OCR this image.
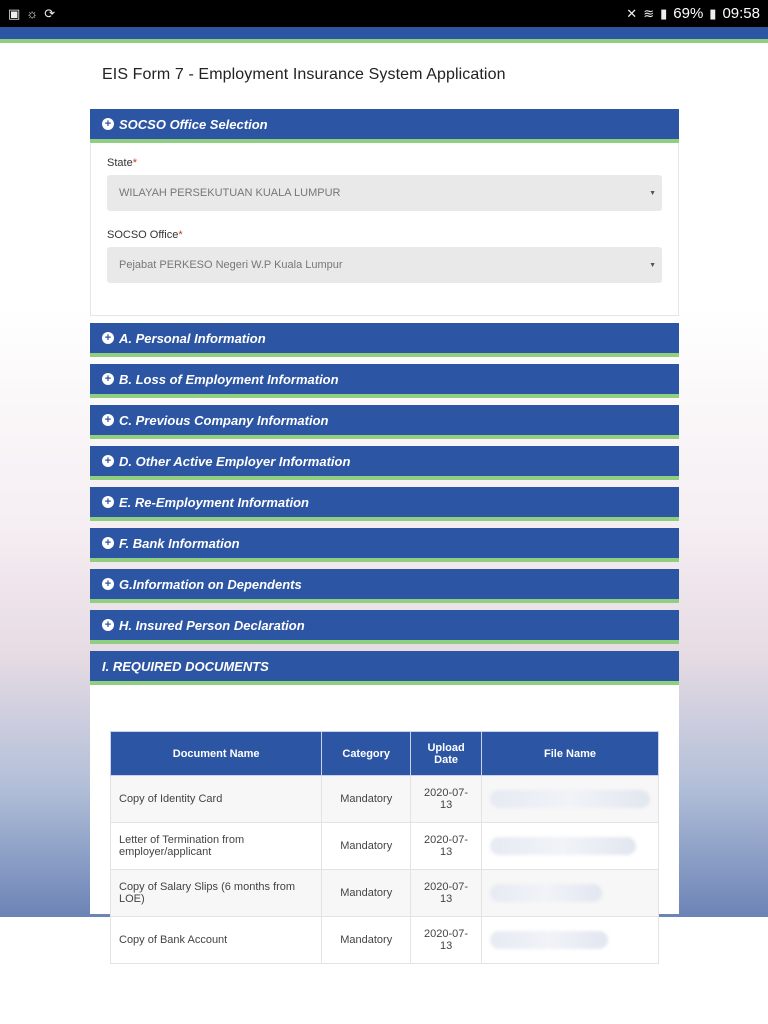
▣ ☼ ⟳	✕ ≋ ▮ 69% ▮ 09:58
EIS Form 7 - Employment Insurance System Application
+ SOCSO Office Selection
State*
WILAYAH PERSEKUTUAN KUALA LUMPUR	▼
SOCSO Office*
Pejabat PERKESO Negeri W.P Kuala Lumpur	▼
+ A. Personal Information
+ B. Loss of Employment Information
+ C. Previous Company Information
+ D. Other Active Employer Information
+ E. Re-Employment Information
+ F. Bank Information
+ G.Information on Dependents
+ H. Insured Person Declaration
I. REQUIRED DOCUMENTS
Document Name	Category	Upload Date	File Name
Copy of Identity Card	Mandatory	2020-07-13	

Letter of Termination from employer/applicant	Mandatory	2020-07-13	

Copy of Salary Slips (6 months from LOE)	Mandatory	2020-07-13	

Copy of Bank Account	Mandatory	2020-07-13	
